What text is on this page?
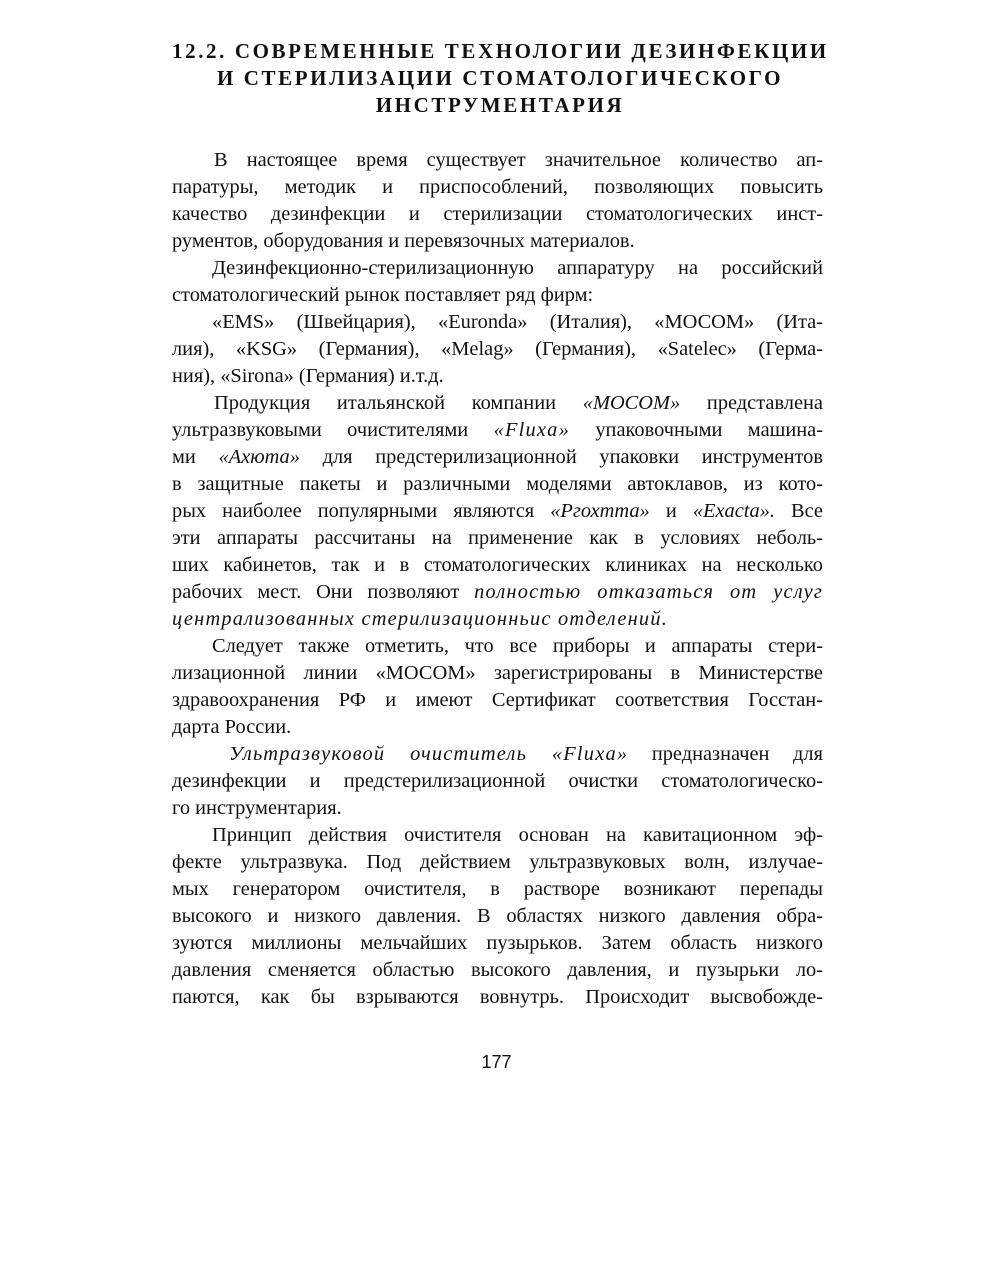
12.2. СОВРЕМЕННЫЕ ТЕХНОЛОГИИ ДЕЗИНФЕКЦИИ
И СТЕРИЛИЗАЦИИ СТОМАТОЛОГИЧЕСКОГО
ИНСТРУМЕНТАРИЯ
В настоящее время существует значительное количество ап-
паратуры, методик и приспособлений, позволяющих повысить
качество дезинфекции и стерилизации стоматологических инст-
рументов, оборудования и перевязочных материалов.
Дезинфекционно-стерилизационную аппаратуру на российский
стоматологический рынок поставляет ряд фирм:
«EMS» (Швейцария), «Euronda» (Италия), «МОСОМ» (Ита-
лия), «KSG» (Германия), «Melag» (Германия), «Satelec» (Герма-
ния), «Sirona» (Германия) и.т.д.
Продукция итальянской компании «МОСОМ» представлена
ультразвуковыми очистителями «Fluxa» упаковочными машина-
ми «Ахюта» для предстерилизационной упаковки инструментов
в защитные пакеты и различными моделями автоклавов, из кото-
рых наиболее популярными являются «Ргохmта» и «Exacta». Все
эти аппараты рассчитаны на применение как в условиях неболь-
ших кабинетов, так и в стоматологических клиниках на несколько
рабочих мест. Они позволяют полностью отказаться от услуг
централизованных стерилизационньис отделений.
Следует также отметить, что все приборы и аппараты стери-
лизационной линии «МОСОМ» зарегистрированы в Министерстве
здравоохранения РФ и имеют Сертификат соответствия Госстан-
дарта России.
Ультразвуковой очиститель «Fluxa» предназначен для
дезинфекции и предстерилизационной очистки стоматологическо-
го инструментария.
Принцип действия очистителя основан на кавитационном эф-
фекте ультразвука. Под действием ультразвуковых волн, излучае-
мых генератором очистителя, в растворе возникают перепады
высокого и низкого давления. В областях низкого давления обра-
зуются миллионы мельчайших пузырьков. Затем область низкого
давления сменяется областью высокого давления, и пузырьки ло-
паются, как бы взрываются вовнутрь. Происходит высвобожде-
177
